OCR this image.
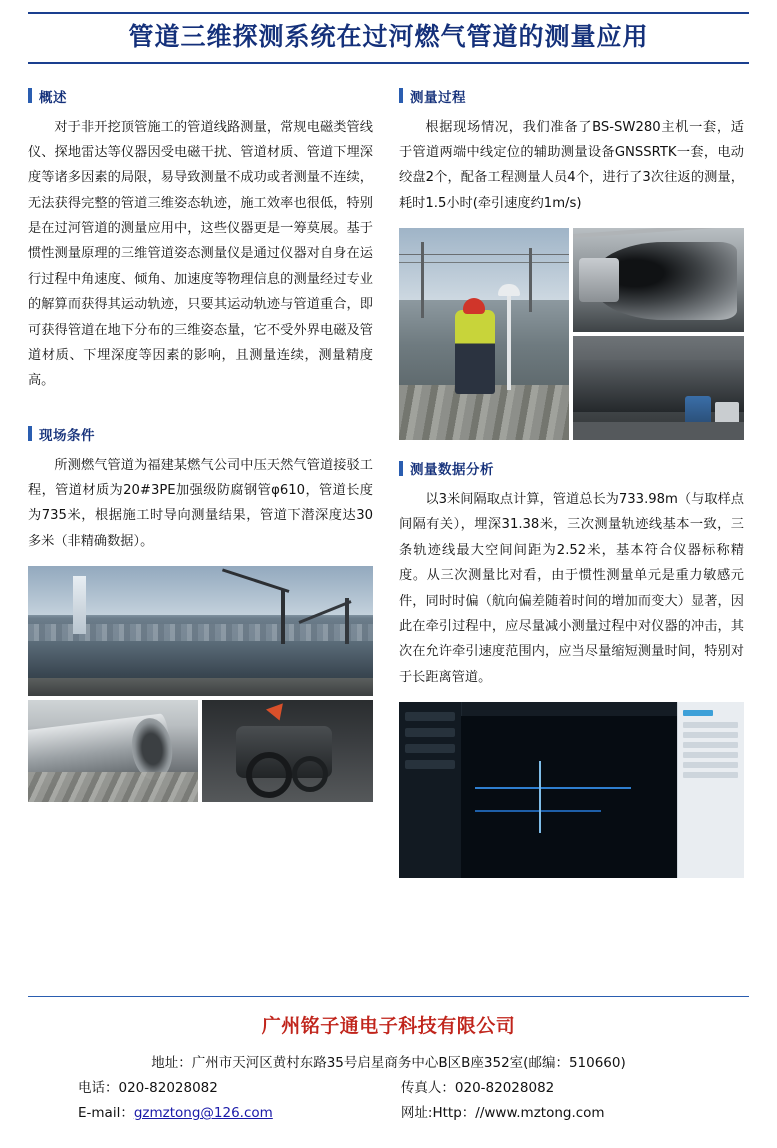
管道三维探测系统在过河燃气管道的测量应用
概述

对于非开挖顶管施工的管道线路测量，常规电磁类管线仪、探地雷达等仪器因受电磁干扰、管道材质、管道下埋深度等诸多因素的局限，易导致测量不成功或者测量不连续，无法获得完整的管道三维姿态轨迹，施工效率也很低，特别是在过河管道的测量应用中，这些仪器更是一筹莫展。基于惯性测量原理的三维管道姿态测量仪是通过仪器对自身在运行过程中角速度、倾角、加速度等物理信息的测量经过专业的解算而获得其运动轨迹，只要其运动轨迹与管道重合，即可获得管道在地下分布的三维姿态量，它不受外界电磁及管道材质、下埋深度等因素的影响，且测量连续，测量精度高。

现场条件

所测燃气管道为福建某燃气公司中压天然气管道接驳工程，管道材质为20#3PE加强级防腐钢管φ610，管道长度为735米，根据施工时导向测量结果，管道下潜深度达30多米（非精确数据）。

测量过程

根据现场情况，我们准备了BS-SW280主机一套，适于管道两端中线定位的辅助测量设备GNSSRTK一套，电动绞盘2个，配备工程测量人员4个，进行了3次往返的测量，耗时1.5小时(牵引速度约1m/s)

测量数据分析

以3米间隔取点计算，管道总长为733.98m（与取样点间隔有关），埋深31.38米，三次测量轨迹线基本一致，三条轨迹线最大空间间距为2.52米，基本符合仪器标称精度。从三次测量比对看，由于惯性测量单元是重力敏感元件，同时时偏（航向偏差随着时间的增加而变大）显著，因此在牵引过程中，应尽量减小测量过程中对仪器的冲击，其次在允许牵引速度范围内，应当尽量缩短测量时间，特别对于长距离管道。

广州铭子通电子科技有限公司
地址：广州市天河区黄村东路35号启星商务中心B区B座352室(邮编：510660)
电话：020-82028082	传真人：020-82028082
E-mail：gzmztong@126.com	网址:Http：//www.mztong.com
